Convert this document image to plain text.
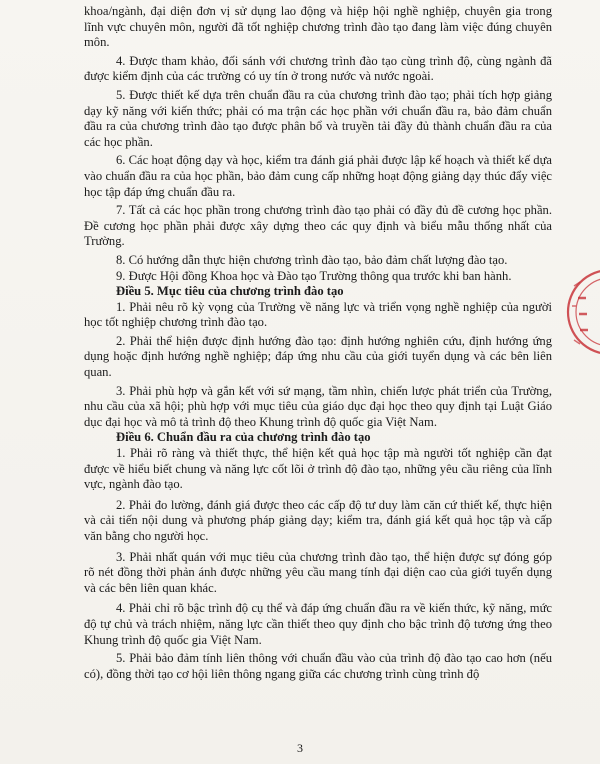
khoa/ngành, đại diện đơn vị sử dụng lao động và hiệp hội nghề nghiệp, chuyên gia trong lĩnh vực chuyên môn, người đã tốt nghiệp chương trình đào tạo đang làm việc đúng chuyên môn.

4. Được tham khảo, đối sánh với chương trình đào tạo cùng trình độ, cùng ngành đã được kiểm định của các trường có uy tín ở trong nước và nước ngoài.

5. Được thiết kế dựa trên chuẩn đầu ra của chương trình đào tạo; phải tích hợp giảng dạy kỹ năng với kiến thức; phải có ma trận các học phần với chuẩn đầu ra, bảo đảm chuẩn đầu ra của chương trình đào tạo được phân bổ và truyền tải đầy đủ thành chuẩn đầu ra của các học phần.

6. Các hoạt động dạy và học, kiểm tra đánh giá phải được lập kế hoạch và thiết kế dựa vào chuẩn đầu ra của học phần, bảo đảm cung cấp những hoạt động giảng dạy thúc đẩy việc học tập đáp ứng chuẩn đầu ra.

7. Tất cả các học phần trong chương trình đào tạo phải có đầy đủ đề cương học phần. Đề cương học phần phải được xây dựng theo các quy định và biểu mẫu thống nhất của Trường.

8. Có hướng dẫn thực hiện chương trình đào tạo, bảo đảm chất lượng đào tạo.

9. Được Hội đồng Khoa học và Đào tạo Trường thông qua trước khi ban hành.

Điều 5. Mục tiêu của chương trình đào tạo

1. Phải nêu rõ kỳ vọng của Trường về năng lực và triển vọng nghề nghiệp của người học tốt nghiệp chương trình đào tạo.

2. Phải thể hiện được định hướng đào tạo: định hướng nghiên cứu, định hướng ứng dụng hoặc định hướng nghề nghiệp; đáp ứng nhu cầu của giới tuyển dụng và các bên liên quan.

3. Phải phù hợp và gắn kết với sứ mạng, tầm nhìn, chiến lược phát triển của Trường, nhu cầu của xã hội; phù hợp với mục tiêu của giáo dục đại học theo quy định tại Luật Giáo dục đại học và mô tả trình độ theo Khung trình độ quốc gia Việt Nam.

Điều 6. Chuẩn đầu ra của chương trình đào tạo

1. Phải rõ ràng và thiết thực, thể hiện kết quả học tập mà người tốt nghiệp cần đạt được về hiểu biết chung và năng lực cốt lõi ở trình độ đào tạo, những yêu cầu riêng của lĩnh vực, ngành đào tạo.

2. Phải đo lường, đánh giá được theo các cấp độ tư duy làm căn cứ thiết kế, thực hiện và cải tiến nội dung và phương pháp giảng dạy; kiểm tra, đánh giá kết quả học tập và cấp văn bằng cho người học.

3. Phải nhất quán với mục tiêu của chương trình đào tạo, thể hiện được sự đóng góp rõ nét đồng thời phản ánh được những yêu cầu mang tính đại diện cao của giới tuyển dụng và các bên liên quan khác.

4. Phải chỉ rõ bậc trình độ cụ thể và đáp ứng chuẩn đầu ra về kiến thức, kỹ năng, mức độ tự chủ và trách nhiệm, năng lực cần thiết theo quy định cho bậc trình độ tương ứng theo Khung trình độ quốc gia Việt Nam.

5. Phải bảo đảm tính liên thông với chuẩn đầu vào của trình độ đào tạo cao hơn (nếu có), đồng thời tạo cơ hội liên thông ngang giữa các chương trình cùng trình độ

3
